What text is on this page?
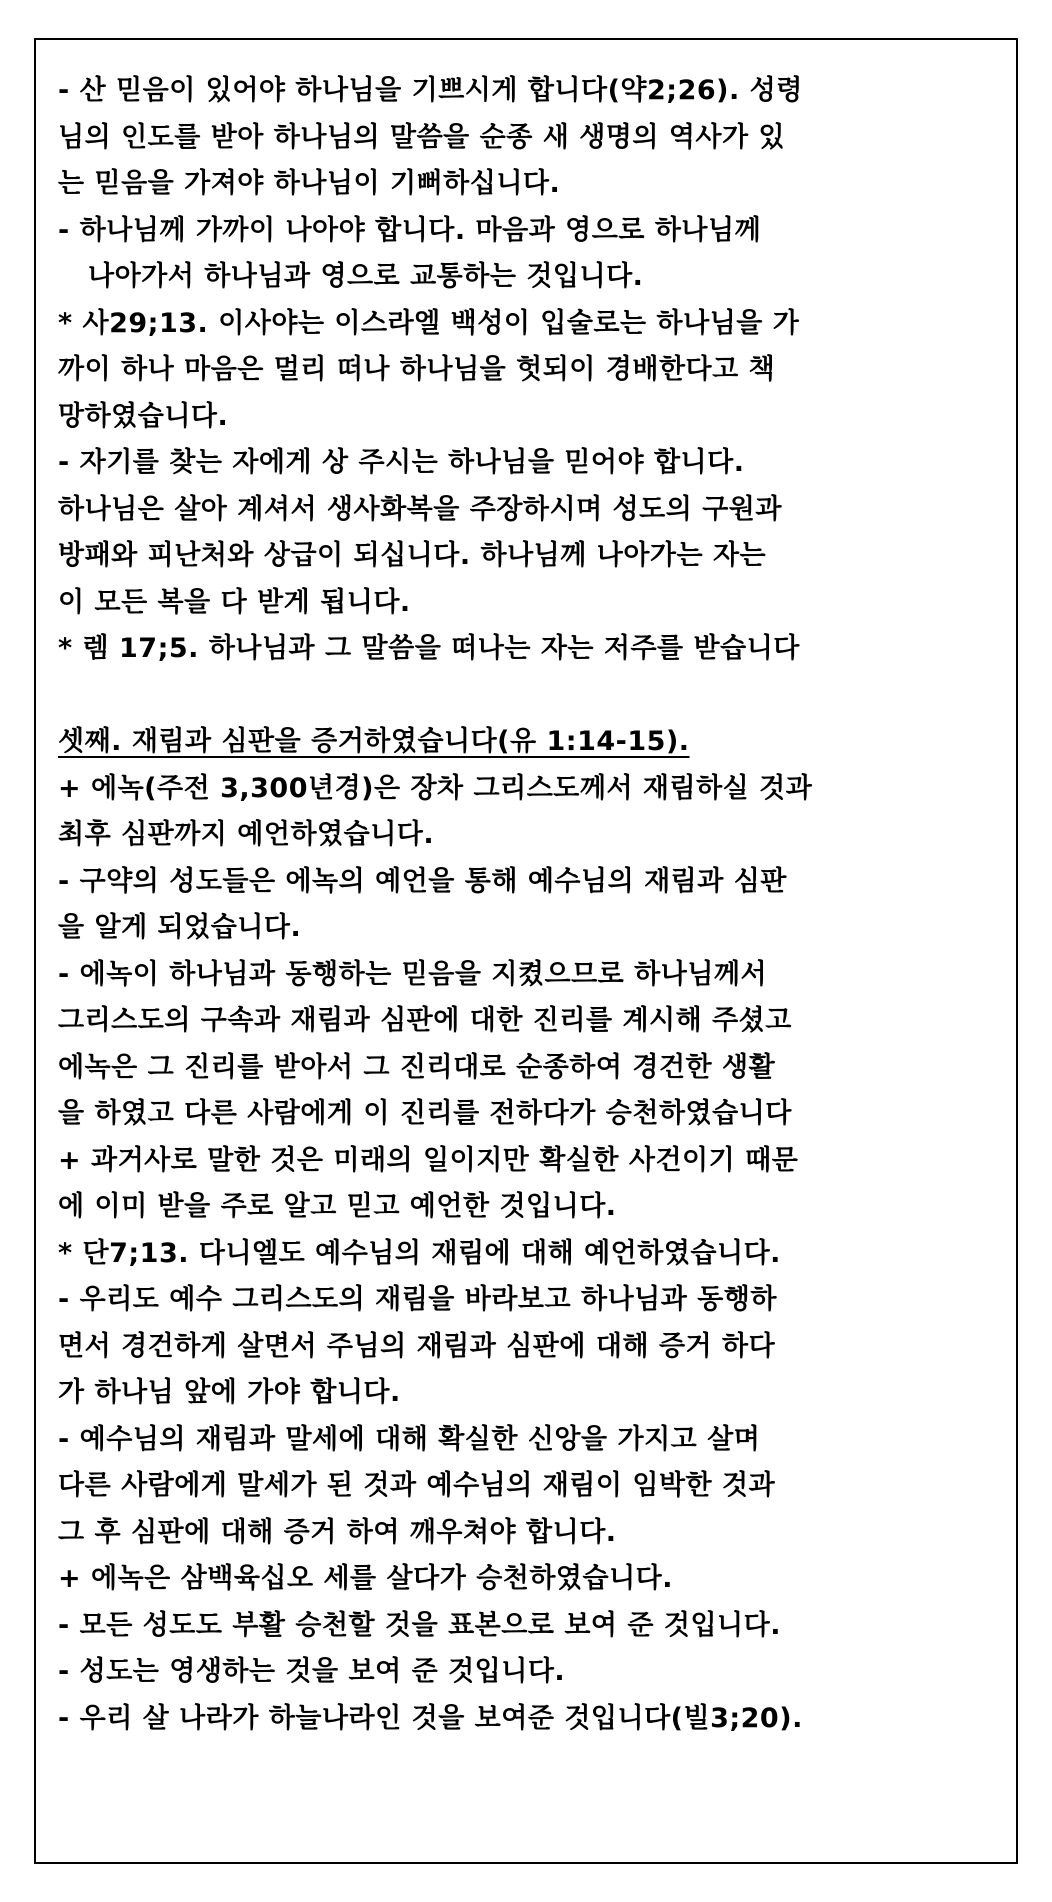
- 산 믿음이 있어야 하나님을 기쁘시게 합니다(약2;26). 성령
님의 인도를 받아 하나님의 말씀을 순종 새 생명의 역사가 있
는 믿음을 가져야 하나님이 기뻐하십니다.
- 하나님께 가까이 나아야 합니다. 마음과 영으로 하나님께
나아가서 하나님과 영으로 교통하는 것입니다.
* 사29;13. 이사야는 이스라엘 백성이 입술로는 하나님을 가
까이 하나 마음은 멀리 떠나 하나님을 헛되이 경배한다고 책
망하였습니다.
- 자기를 찾는 자에게 상 주시는 하나님을 믿어야 합니다.
하나님은 살아 계셔서 생사화복을 주장하시며 성도의 구원과
방패와 피난처와 상급이 되십니다. 하나님께 나아가는 자는
이 모든 복을 다 받게 됩니다.
* 렘 17;5. 하나님과 그 말씀을 떠나는 자는 저주를 받습니다
셋째. 재림과 심판을 증거하였습니다(유 1:14-15).
+ 에녹(주전 3,300년경)은 장차 그리스도께서 재림하실 것과
최후 심판까지 예언하였습니다.
- 구약의 성도들은 에녹의 예언을 통해 예수님의 재림과 심판
을 알게 되었습니다.
- 에녹이 하나님과 동행하는 믿음을 지켰으므로 하나님께서
그리스도의 구속과 재림과 심판에 대한 진리를 계시해 주셨고
에녹은 그 진리를 받아서 그 진리대로 순종하여 경건한 생활
을 하였고 다른 사람에게 이 진리를 전하다가 승천하였습니다
+ 과거사로 말한 것은 미래의 일이지만 확실한 사건이기 때문
에 이미 받을 주로 알고 믿고 예언한 것입니다.
* 단7;13. 다니엘도 예수님의 재림에 대해 예언하였습니다.
- 우리도 예수 그리스도의 재림을 바라보고 하나님과 동행하
면서 경건하게 살면서 주님의 재림과 심판에 대해 증거 하다
가 하나님 앞에 가야 합니다.
- 예수님의 재림과 말세에 대해 확실한 신앙을 가지고 살며
다른 사람에게 말세가 된 것과 예수님의 재림이 임박한 것과
그 후 심판에 대해 증거 하여 깨우쳐야 합니다.
+ 에녹은 삼백육십오 세를 살다가 승천하였습니다.
- 모든 성도도 부활 승천할 것을 표본으로 보여 준 것입니다.
- 성도는 영생하는 것을 보여 준 것입니다.
- 우리 살 나라가 하늘나라인 것을 보여준 것입니다(빌3;20).
